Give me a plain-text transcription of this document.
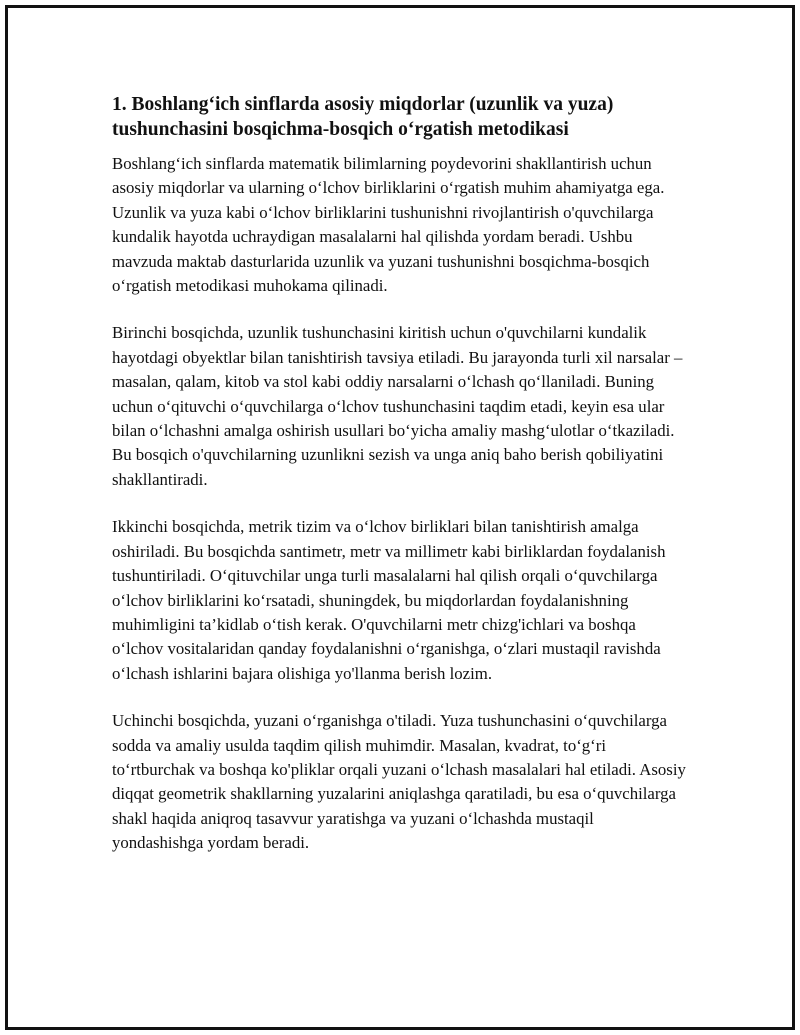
1. Boshlang‘ich sinflarda asosiy miqdorlar (uzunlik va yuza) tushunchasini bosqichma-bosqich o‘rgatish metodikasi

Boshlang‘ich sinflarda matematik bilimlarning poydevorini shakllantirish uchun asosiy miqdorlar va ularning o‘lchov birliklarini o‘rgatish muhim ahamiyatga ega. Uzunlik va yuza kabi o‘lchov birliklarini tushunishni rivojlantirish o'quvchilarga kundalik hayotda uchraydigan masalalarni hal qilishda yordam beradi. Ushbu mavzuda maktab dasturlarida uzunlik va yuzani tushunishni bosqichma-bosqich o‘rgatish metodikasi muhokama qilinadi.

Birinchi bosqichda, uzunlik tushunchasini kiritish uchun o'quvchilarni kundalik hayotdagi obyektlar bilan tanishtirish tavsiya etiladi. Bu jarayonda turli xil narsalar – masalan, qalam, kitob va stol kabi oddiy narsalarni o‘lchash qo‘llaniladi. Buning uchun o‘qituvchi o‘quvchilarga o‘lchov tushunchasini taqdim etadi, keyin esa ular bilan o‘lchashni amalga oshirish usullari bo‘yicha amaliy mashg‘ulotlar o‘tkaziladi. Bu bosqich o'quvchilarning uzunlikni sezish va unga aniq baho berish qobiliyatini shakllantiradi.

Ikkinchi bosqichda, metrik tizim va o‘lchov birliklari bilan tanishtirish amalga oshiriladi. Bu bosqichda santimetr, metr va millimetr kabi birliklardan foydalanish tushuntiriladi. O‘qituvchilar unga turli masalalarni hal qilish orqali o‘quvchilarga o‘lchov birliklarini ko‘rsatadi, shuningdek, bu miqdorlardan foydalanishning muhimligini ta’kidlab o‘tish kerak. O'quvchilarni metr chizg'ichlari va boshqa o‘lchov vositalaridan qanday foydalanishni o‘rganishga, o‘zlari mustaqil ravishda o‘lchash ishlarini bajara olishiga yo'llanma berish lozim.

Uchinchi bosqichda, yuzani o‘rganishga o'tiladi. Yuza tushunchasini o‘quvchilarga sodda va amaliy usulda taqdim qilish muhimdir. Masalan, kvadrat, to‘g‘ri to‘rtburchak va boshqa ko'pliklar orqali yuzani o‘lchash masalalari hal etiladi. Asosiy diqqat geometrik shakllarning yuzalarini aniqlashga qaratiladi, bu esa o‘quvchilarga shakl haqida aniqroq tasavvur yaratishga va yuzani o‘lchashda mustaqil yondashishga yordam beradi.
